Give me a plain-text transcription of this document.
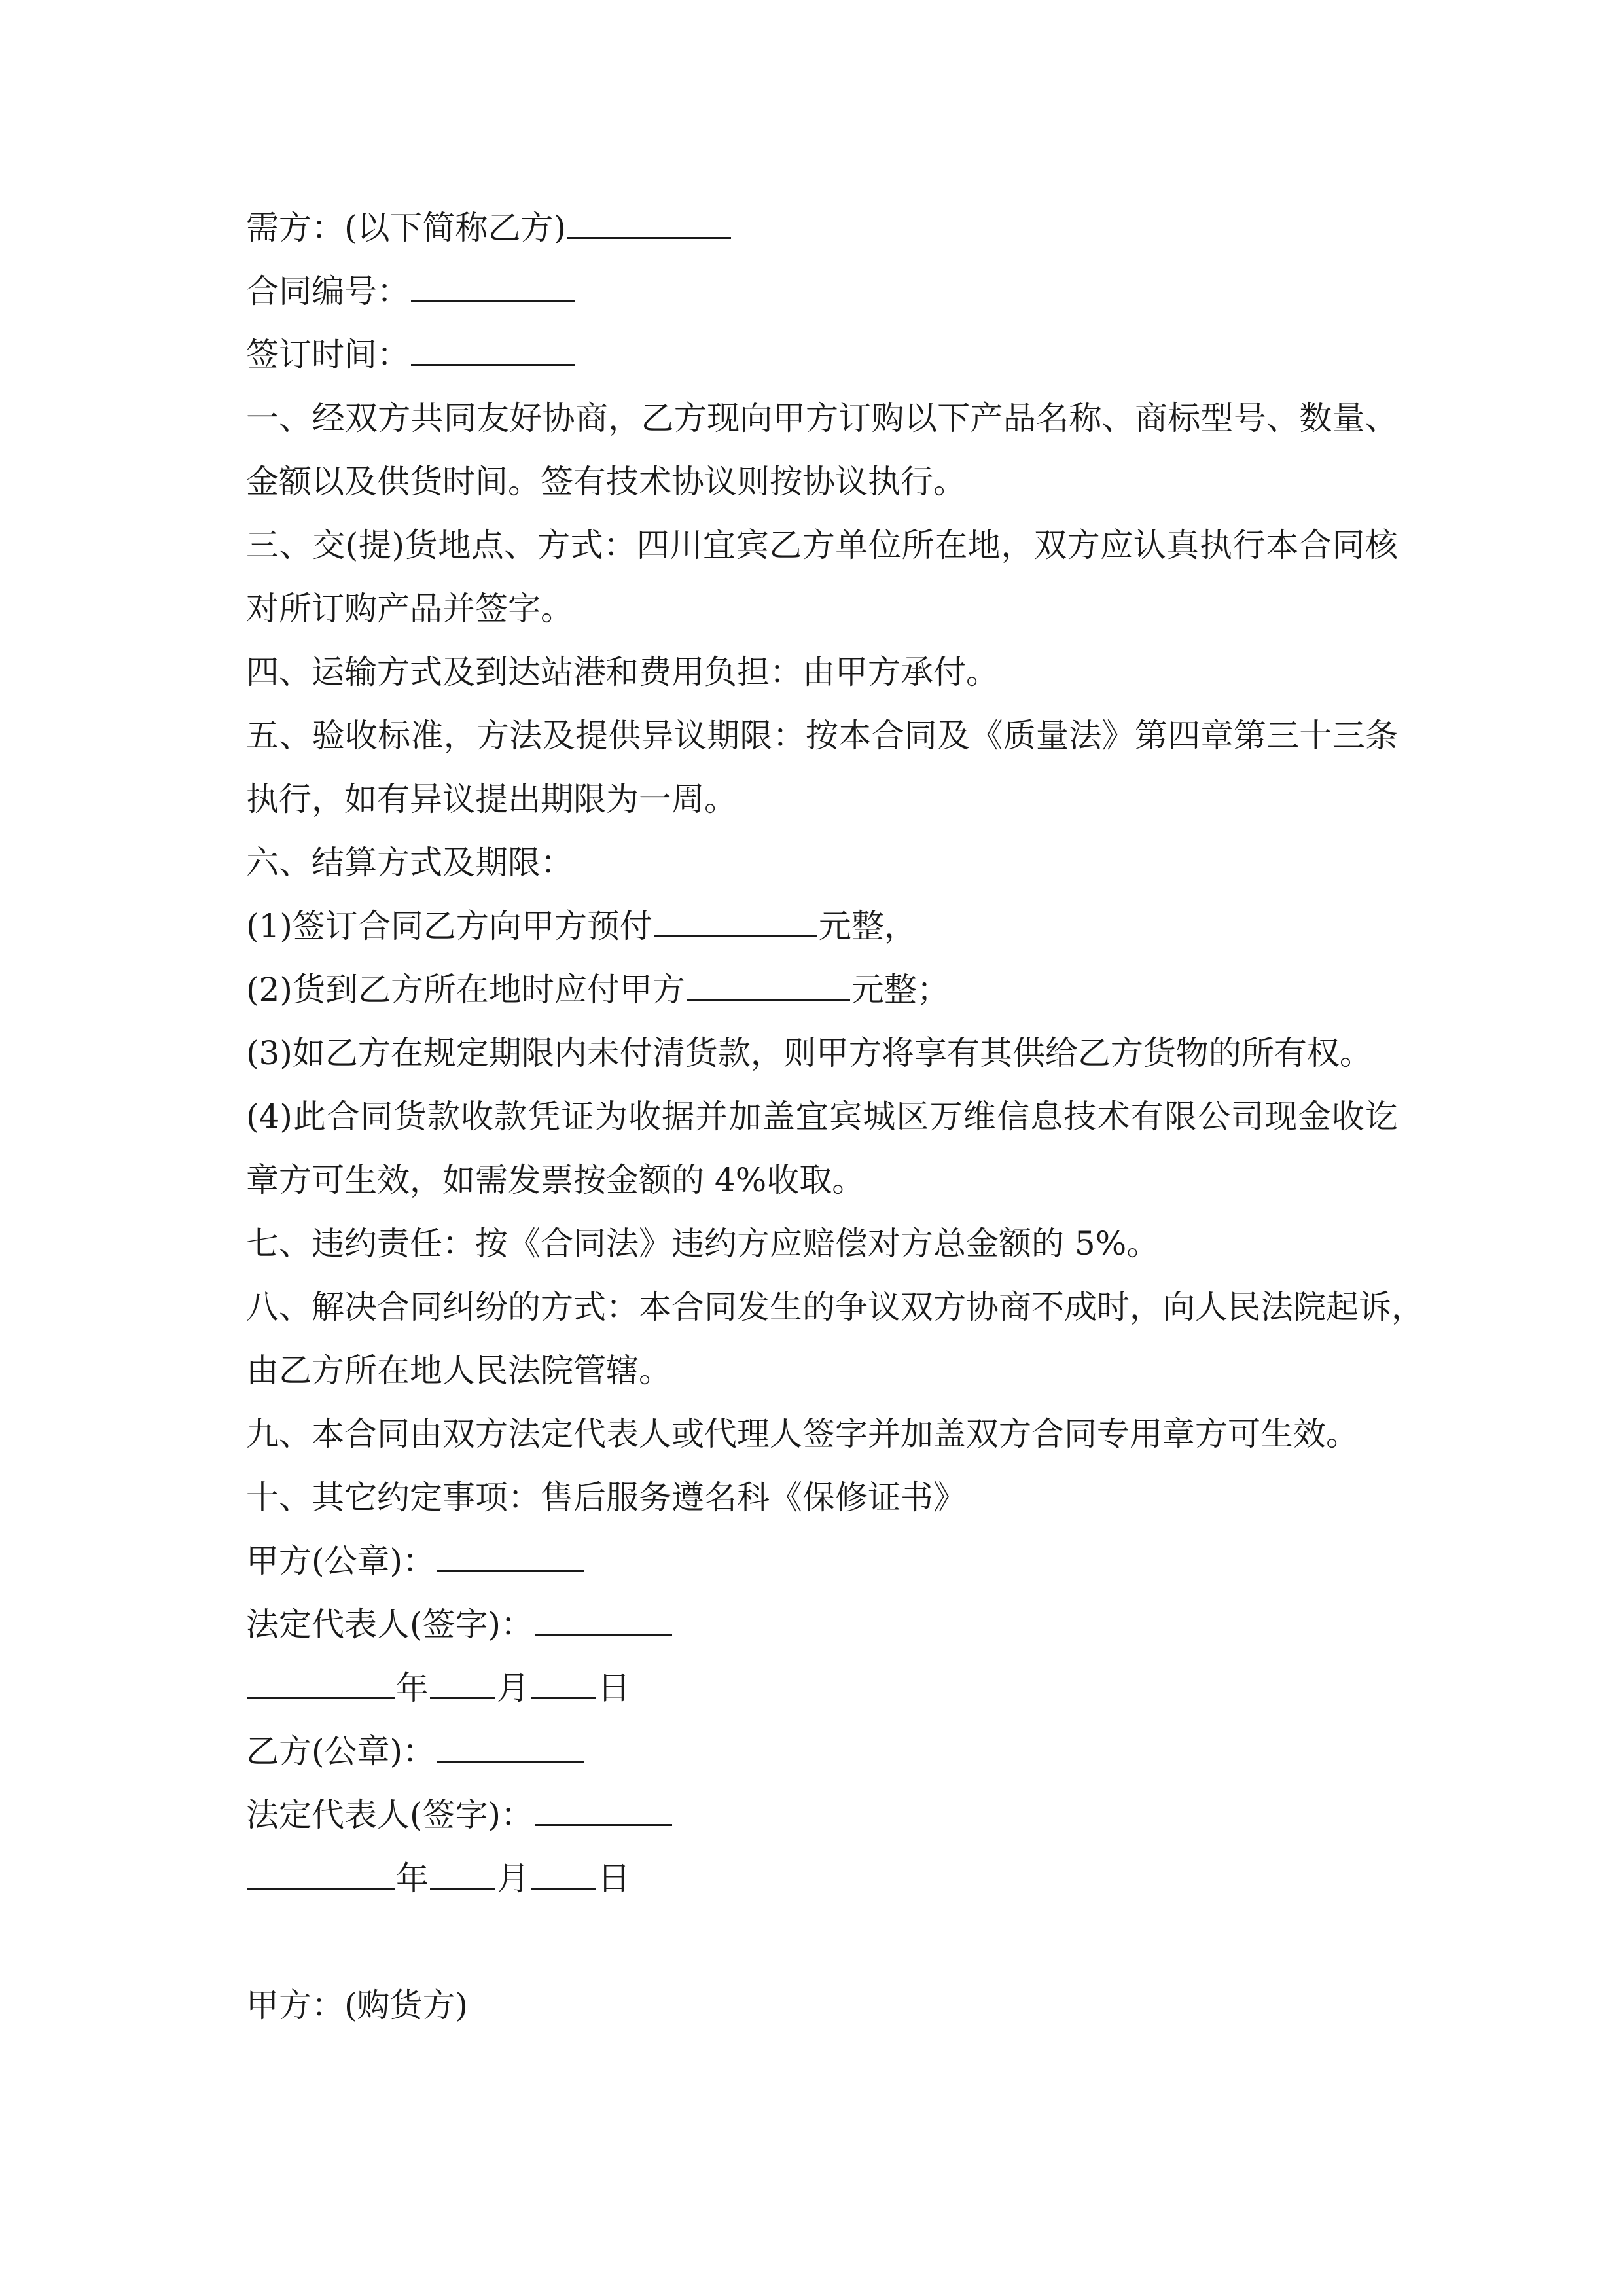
需方：(以下简称乙方)
合同编号：
签订时间：
一、经双方共同友好协商，乙方现向甲方订购以下产品名称、商标型号、数量、
金额以及供货时间。签有技术协议则按协议执行。
三、交(提)货地点、方式：四川宜宾乙方单位所在地，双方应认真执行本合同核
对所订购产品并签字。
四、运输方式及到达站港和费用负担：由甲方承付。
五、验收标准，方法及提供异议期限：按本合同及《质量法》第四章第三十三条
执行，如有异议提出期限为一周。
六、结算方式及期限：
(1)签订合同乙方向甲方预付	元整，
(2)货到乙方所在地时应付甲方	元整；
(3)如乙方在规定期限内未付清货款，则甲方将享有其供给乙方货物的所有权。
(4)此合同货款收款凭证为收据并加盖宜宾城区万维信息技术有限公司现金收讫
章方可生效，如需发票按金额的 4%收取。
七、违约责任：按《合同法》违约方应赔偿对方总金额的 5%。
八、解决合同纠纷的方式：本合同发生的争议双方协商不成时，向人民法院起诉，
由乙方所在地人民法院管辖。
九、本合同由双方法定代表人或代理人签字并加盖双方合同专用章方可生效。
十、其它约定事项：售后服务遵名科《保修证书》
甲方(公章)：
法定代表人(签字)：
年 月 日
乙方(公章)：
法定代表人(签字)：
年 月 日
甲方：(购货方)
